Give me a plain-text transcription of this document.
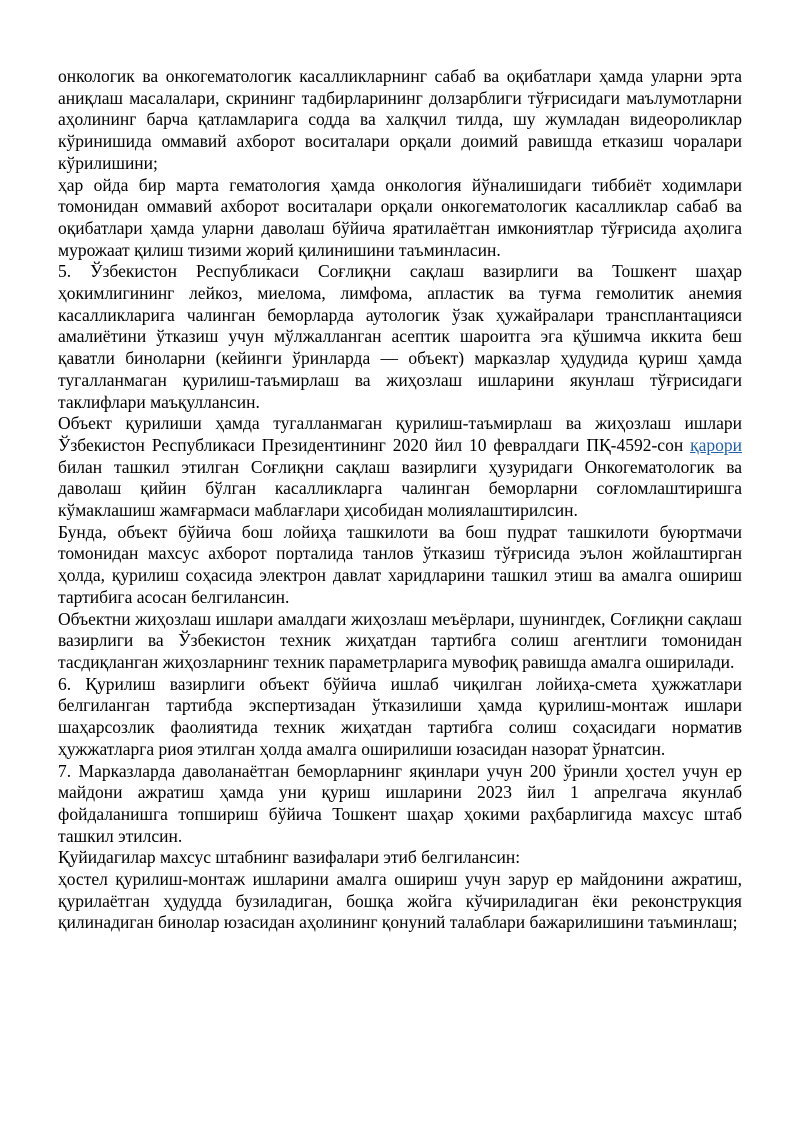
онкологик ва онкогематологик касалликларнинг сабаб ва оқибатлари ҳамда уларни эрта аниқлаш масалалари, скрининг тадбирларининг долзарблиги тўғрисидаги маълумотларни аҳолининг барча қатламларига содда ва халқчил тилда, шу жумладан видеороликлар кўринишида оммавий ахборот воситалари орқали доимий равишда етказиш чоралари кўрилишини;

ҳар ойда бир марта гематология ҳамда онкология йўналишидаги тиббиёт ходимлари томонидан оммавий ахборот воситалари орқали онкогематологик касалликлар сабаб ва оқибатлари ҳамда уларни даволаш бўйича яратилаётган имкониятлар тўғрисида аҳолига мурожаат қилиш тизими жорий қилинишини таъминласин.

5. Ўзбекистон Республикаси Соғлиқни сақлаш вазирлиги ва Тошкент шаҳар ҳокимлигининг лейкоз, миелома, лимфома, апластик ва туғма гемолитик анемия касалликларига чалинган беморларда аутологик ўзак ҳужайралари трансплантацияси амалиётини ўтказиш учун мўлжалланган асептик шароитга эга қўшимча иккита беш қаватли биноларни (кейинги ўринларда — объект) марказлар ҳудудида қуриш ҳамда тугалланмаган қурилиш-таъмирлаш ва жиҳозлаш ишларини якунлаш тўғрисидаги таклифлари маъқуллансин.

Объект қурилиши ҳамда тугалланмаган қурилиш-таъмирлаш ва жиҳозлаш ишлари Ўзбекистон Республикаси Президентининг 2020 йил 10 февралдаги ПҚ-4592-сон қарори билан ташкил этилган Соғлиқни сақлаш вазирлиги ҳузуридаги Онкогематологик ва даволаш қийин бўлган касалликларга чалинган беморларни соғломлаштиришга кўмаклашиш жамғармаси маблағлари ҳисобидан молиялаштирилсин.

Бунда, объект бўйича бош лойиҳа ташкилоти ва бош пудрат ташкилоти буюртмачи томонидан махсус ахборот порталида танлов ўтказиш тўғрисида эълон жойлаштирган ҳолда, қурилиш соҳасида электрон давлат харидларини ташкил этиш ва амалга ошириш тартибига асосан белгилансин.

Объектни жиҳозлаш ишлари амалдаги жиҳозлаш меъёрлари, шунингдек, Соғлиқни сақлаш вазирлиги ва Ўзбекистон техник жиҳатдан тартибга солиш агентлиги томонидан тасдиқланган жиҳозларнинг техник параметрларига мувофиқ равишда амалга оширилади.

6. Қурилиш вазирлиги объект бўйича ишлаб чиқилган лойиҳа-смета ҳужжатлари белгиланган тартибда экспертизадан ўтказилиши ҳамда қурилиш-монтаж ишлари шаҳарсозлик фаолиятида техник жиҳатдан тартибга солиш соҳасидаги норматив ҳужжатларга риоя этилган ҳолда амалга оширилиши юзасидан назорат ўрнатсин.

7. Марказларда даволанаётган беморларнинг яқинлари учун 200 ўринли ҳостел учун ер майдони ажратиш ҳамда уни қуриш ишларини 2023 йил 1 апрелгача якунлаб фойдаланишга топшириш бўйича Тошкент шаҳар ҳокими раҳбарлигида махсус штаб ташкил этилсин.

Қуйидагилар махсус штабнинг вазифалари этиб белгилансин:

ҳостел қурилиш-монтаж ишларини амалга ошириш учун зарур ер майдонини ажратиш, қурилаётган ҳудудда бузиладиган, бошқа жойга кўчириладиган ёки реконструкция қилинадиган бинолар юзасидан аҳолининг қонуний талаблари бажарилишини таъминлаш;
